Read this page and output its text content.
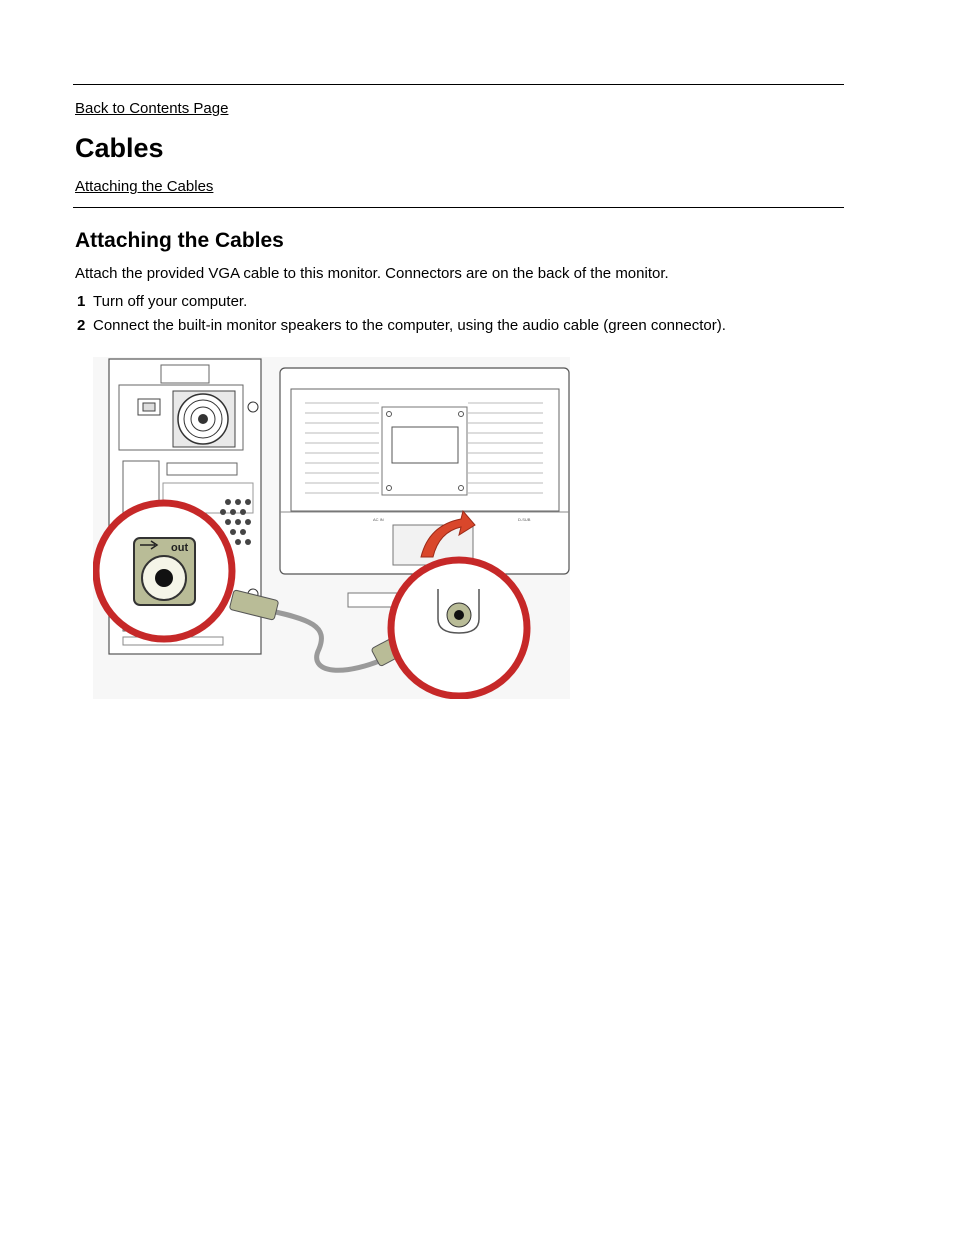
Back to Contents Page
Cables
Attaching the Cables
Attaching the Cables

Attach the provided VGA cable to this monitor. Connectors are on the back of the monitor.

1 Turn off your computer.

2 Connect the built-in monitor speakers to the computer, using the audio cable (green connector).

AC IN	D-SUB
out
